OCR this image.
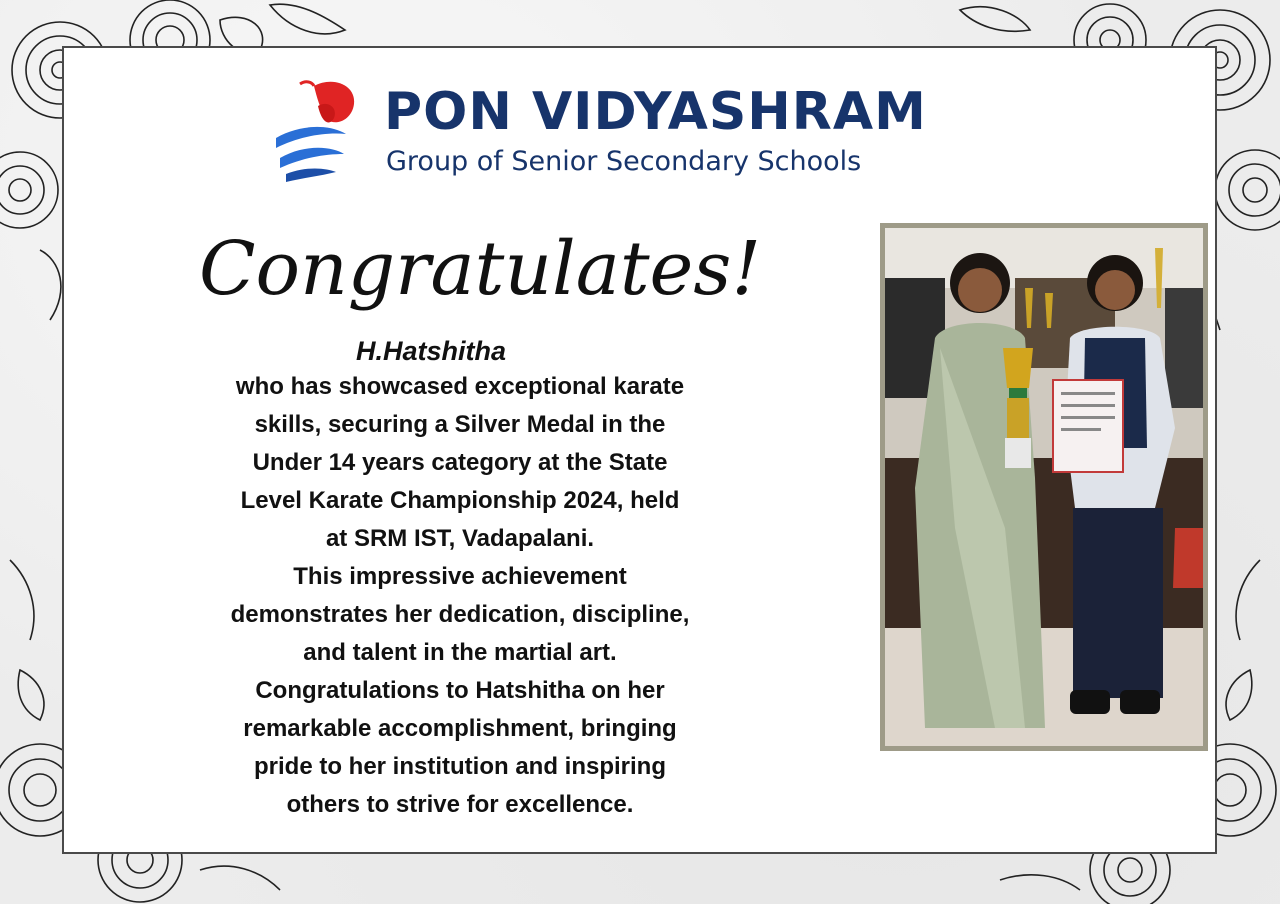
PON VIDYASHRAM
Group of Senior Secondary Schools
Congratulates!
H.Hatshitha
who has showcased exceptional karate
skills, securing a Silver Medal in the
Under 14 years category at the State
Level Karate Championship 2024, held
at SRM IST, Vadapalani.
This impressive achievement
demonstrates her dedication, discipline,
and talent in the martial art.
Congratulations to Hatshitha on her
remarkable accomplishment, bringing
pride to her institution and inspiring
others to strive for excellence.
